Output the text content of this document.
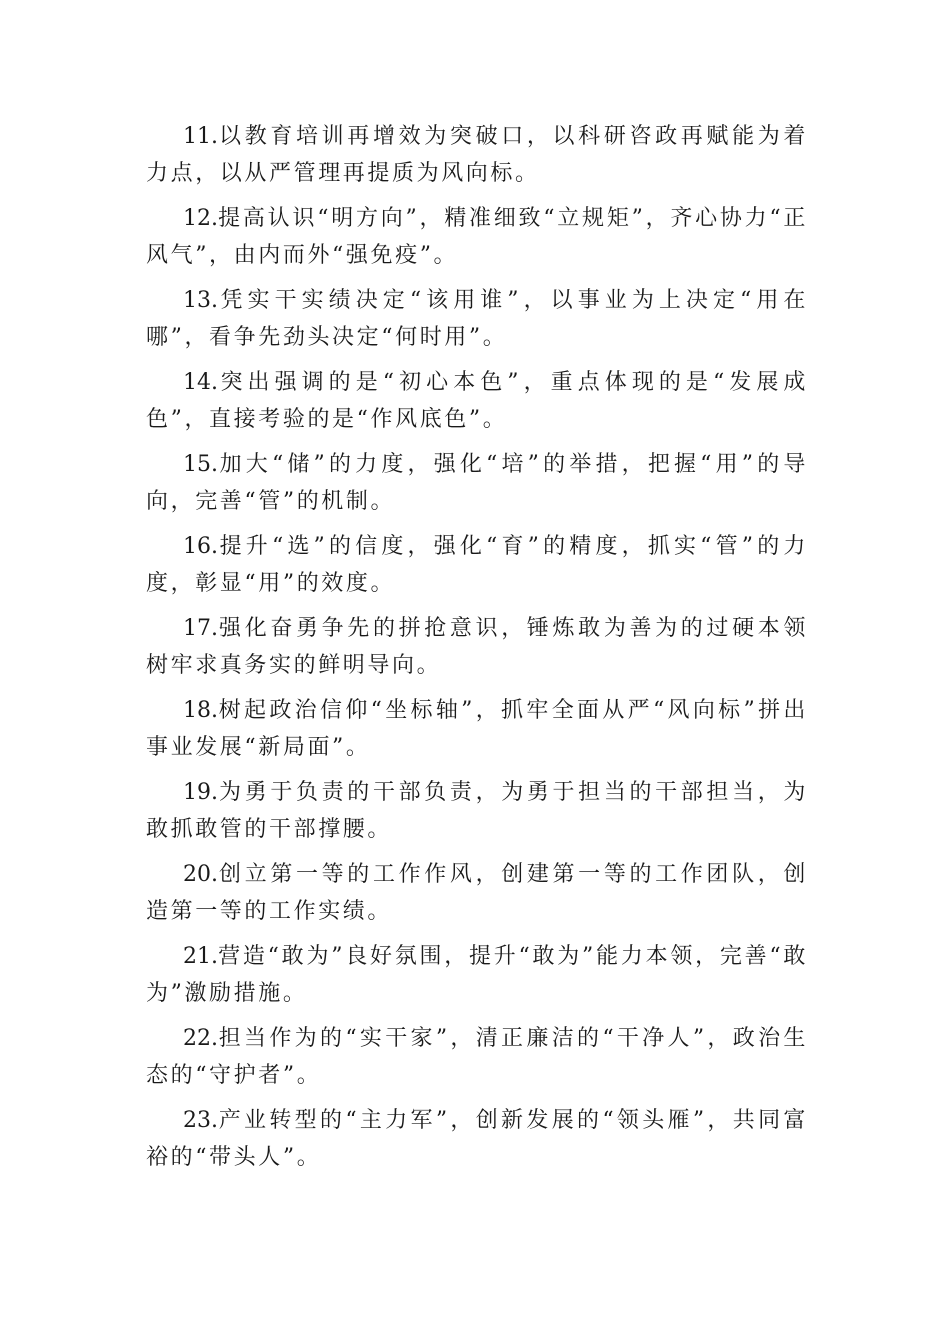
11.以教育培训再增效为突破口，以科研咨政再赋能为着力点，以从严管理再提质为风向标。

12.提高认识“明方向”，精准细致“立规矩”，齐心协力“正风气”，由内而外“强免疫”。

13.凭实干实绩决定“该用谁”，以事业为上决定“用在哪”，看争先劲头决定“何时用”。

14.突出强调的是“初心本色”，重点体现的是“发展成色”，直接考验的是“作风底色”。

15.加大“储”的力度，强化“培”的举措，把握“用”的导向，完善“管”的机制。

16.提升“选”的信度，强化“育”的精度，抓实“管”的力度，彰显“用”的效度。

17.强化奋勇争先的拼抢意识，锤炼敢为善为的过硬本领树牢求真务实的鲜明导向。

18.树起政治信仰“坐标轴”，抓牢全面从严“风向标”拼出事业发展“新局面”。

19.为勇于负责的干部负责，为勇于担当的干部担当，为敢抓敢管的干部撑腰。

20.创立第一等的工作作风，创建第一等的工作团队，创造第一等的工作实绩。

21.营造“敢为”良好氛围，提升“敢为”能力本领，完善“敢为”激励措施。

22.担当作为的“实干家”，清正廉洁的“干净人”，政治生态的“守护者”。

23.产业转型的“主力军”，创新发展的“领头雁”，共同富裕的“带头人”。
